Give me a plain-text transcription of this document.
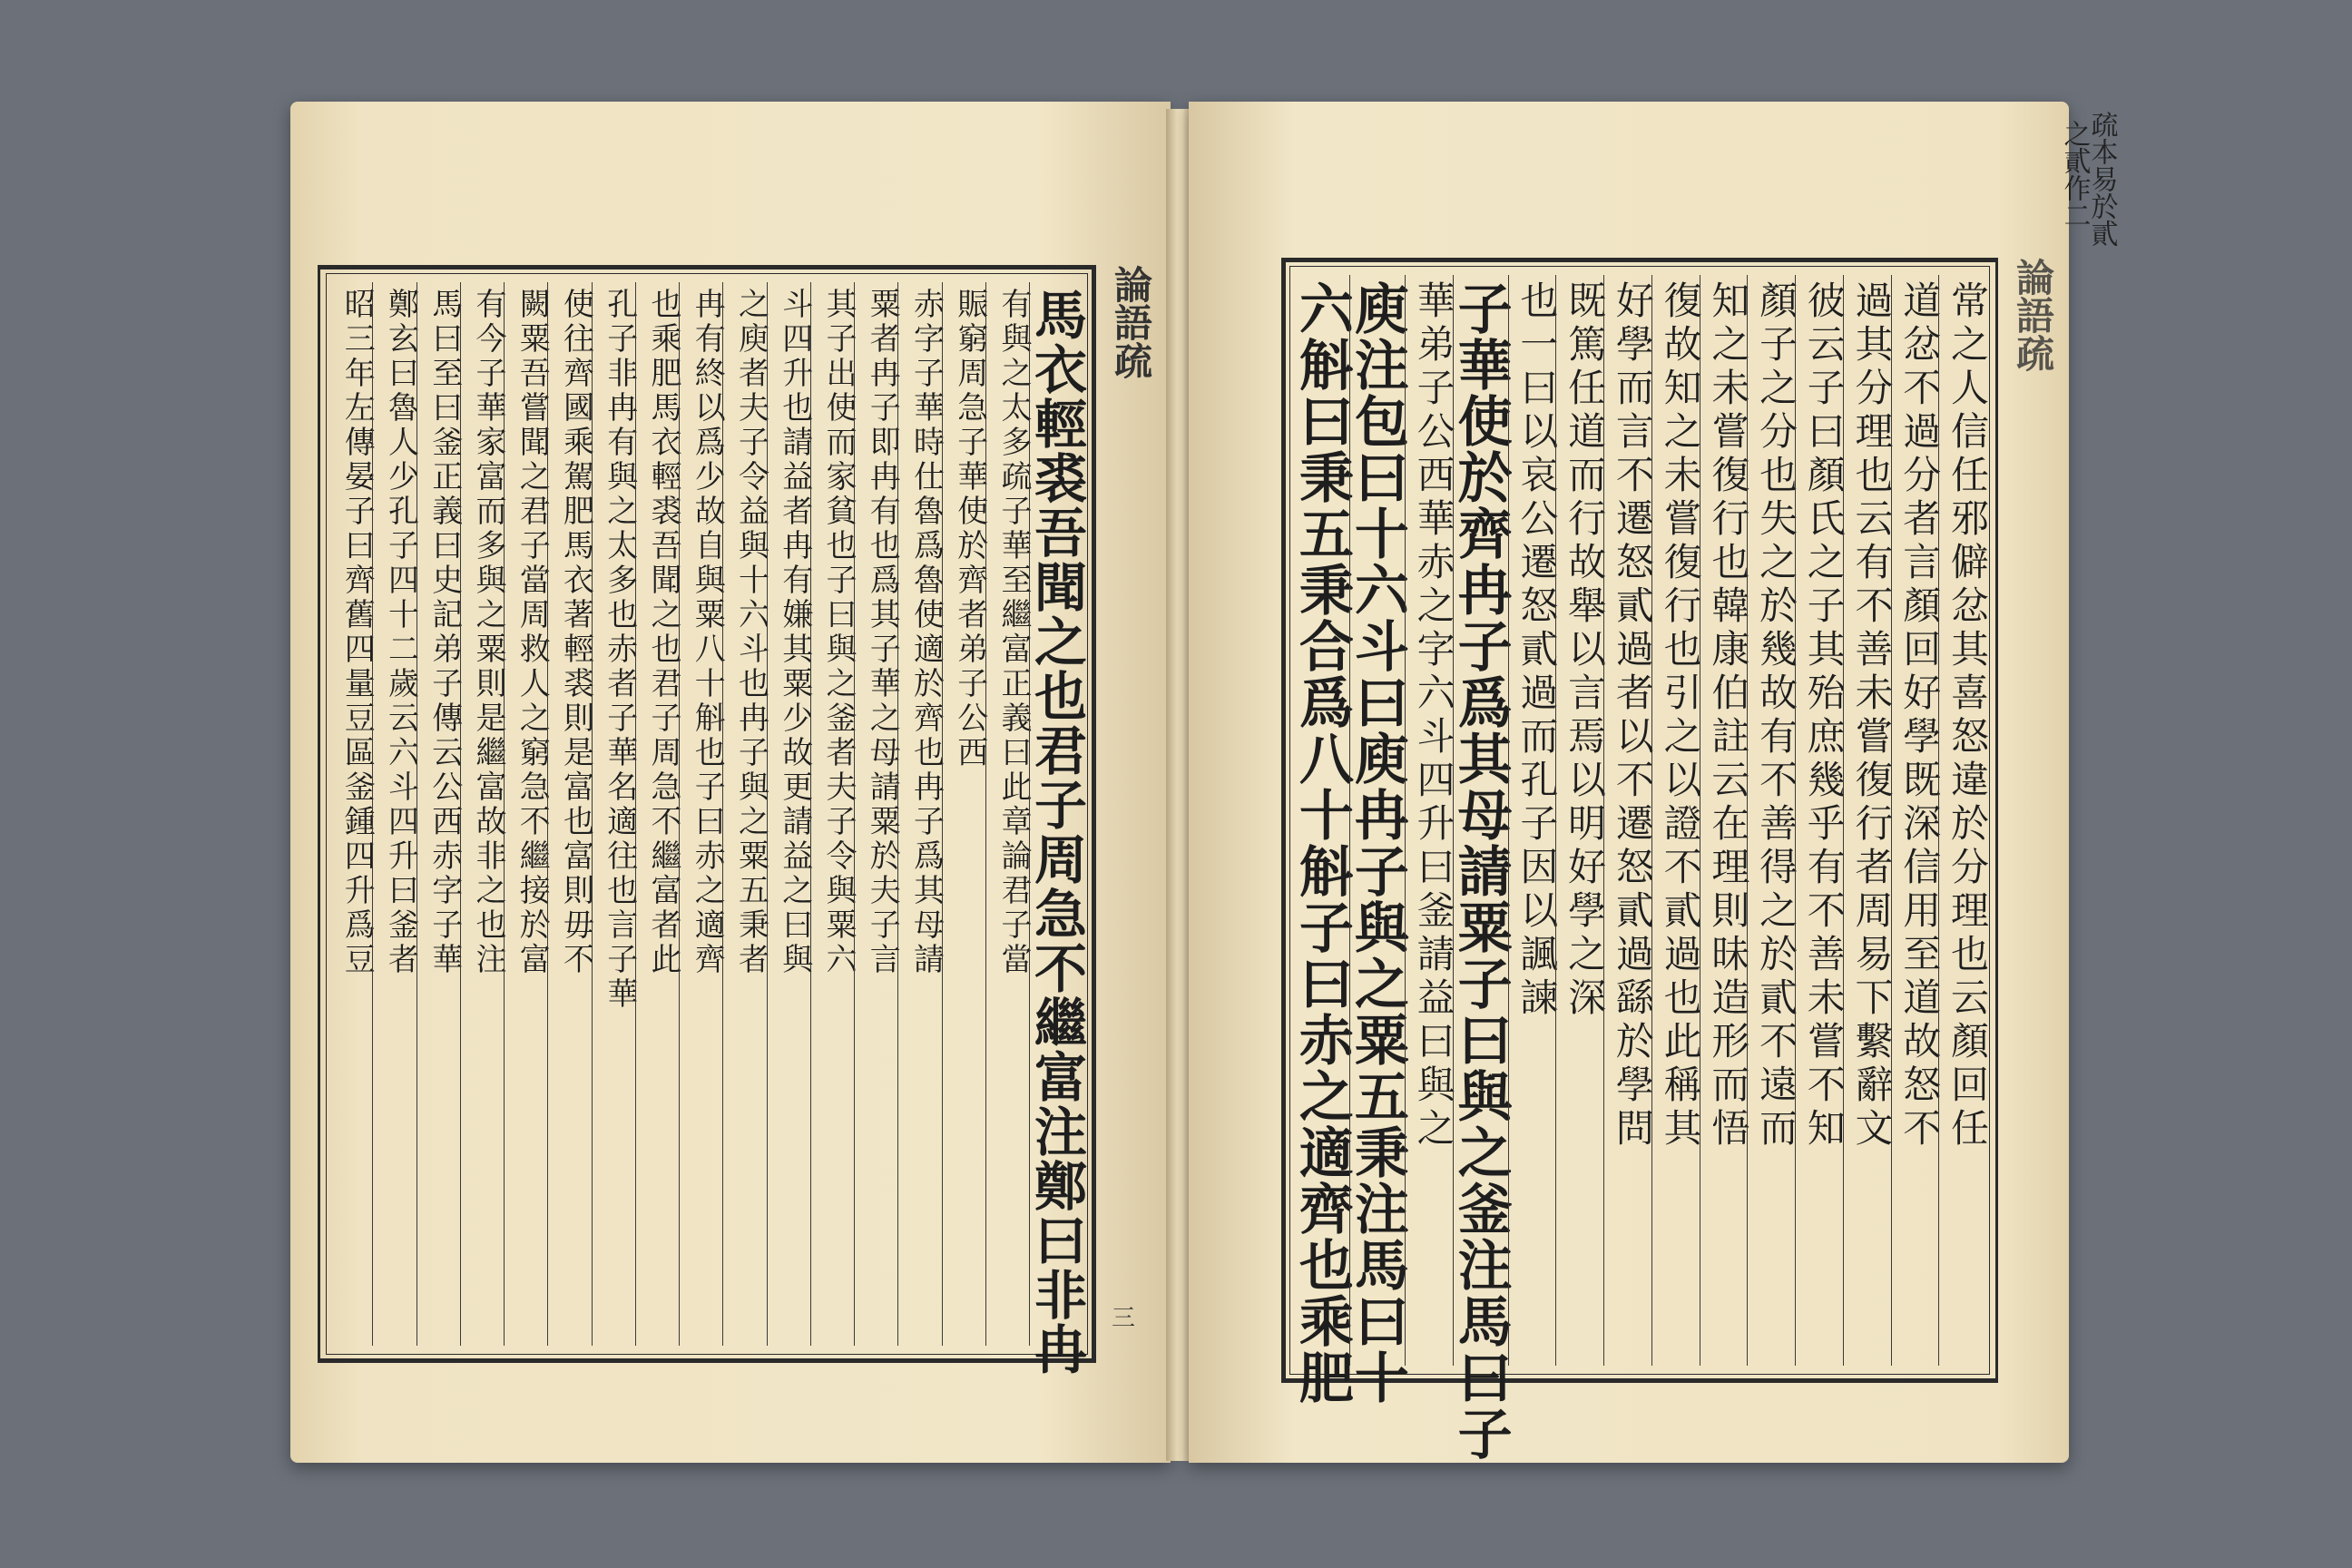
論語疏
三
馬衣輕裘吾聞之也君子周急不繼富注鄭曰非冉
有與之太多疏子華至繼富正義曰此章論君子當
賑窮周急子華使於齊者弟子公西
赤字子華時仕魯爲魯使適於齊也冉子爲其母請
粟者冉子即冉有也爲其子華之母請粟於夫子言
其子出使而家貧也子曰與之釜者夫子令與粟六
斗四升也請益者冉有嫌其粟少故更請益之曰與
之庾者夫子令益與十六斗也冉子與之粟五秉者
冉有終以爲少故自與粟八十斛也子曰赤之適齊
也乘肥馬衣輕裘吾聞之也君子周急不繼富者此
孔子非冉有與之太多也赤者子華名適往也言子華
使往齊國乘駕肥馬衣著輕裘則是富也富則毋不
闕粟吾嘗聞之君子當周救人之窮急不繼接於富
有今子華家富而多與之粟則是繼富故非之也注
馬曰至曰釜正義曰史記弟子傳云公西赤字子華
鄭玄曰魯人少孔子四十二歲云六斗四升曰釜者
昭三年左傳晏子曰齊舊四量豆區釜鍾四升爲豆
疏本易於貳
之貳作二
論語疏
常之人信任邪僻忿其喜怒違於分理也云顏回任
道忿不過分者言顏回好學既深信用至道故怒不
過其分理也云有不善未嘗復行者周易下繫辭文
彼云子曰顏氏之子其殆庶幾乎有不善未嘗不知
顏子之分也失之於幾故有不善得之於貳不遠而
知之未嘗復行也韓康伯註云在理則昧造形而悟
復故知之未嘗復行也引之以證不貳過也此稱其
好學而言不遷怒貳過者以不遷怒貳過繇於學問
既篤任道而行故舉以言焉以明好學之深
也一曰以哀公遷怒貳過而孔子因以諷諫
子華使於齊冉子爲其母請粟子曰與之釜注馬曰子
華弟子公西華赤之字六斗四升曰釜請益曰與之
庾注包曰十六斗曰庾冉子與之粟五秉注馬曰十
六斛曰秉五秉合爲八十斛子曰赤之適齊也乘肥
